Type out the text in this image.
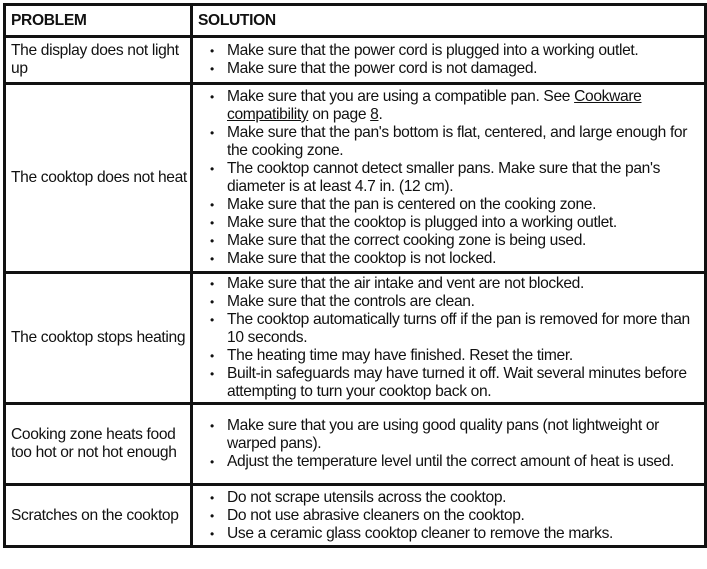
PROBLEM	SOLUTION
The display does not light up	
• Make sure that the power cord is plugged into a working outlet.
• Make sure that the power cord is not damaged.

The cooktop does not heat	
• Make sure that you are using a compatible pan. See Cookware compatibility on page 8.
• Make sure that the pan's bottom is flat, centered, and large enough for the cooking zone.
• The cooktop cannot detect smaller pans. Make sure that the pan's diameter is at least 4.7 in. (12 cm).
• Make sure that the pan is centered on the cooking zone.
• Make sure that the cooktop is plugged into a working outlet.
• Make sure that the correct cooking zone is being used.
• Make sure that the cooktop is not locked.

The cooktop stops heating	
• Make sure that the air intake and vent are not blocked.
• Make sure that the controls are clean.
• The cooktop automatically turns off if the pan is removed for more than 10 seconds.
• The heating time may have finished. Reset the timer.
• Built-in safeguards may have turned it off. Wait several minutes before attempting to turn your cooktop back on.

Cooking zone heats food too hot or not hot enough	
• Make sure that you are using good quality pans (not lightweight or warped pans).
• Adjust the temperature level until the correct amount of heat is used.

Scratches on the cooktop	
• Do not scrape utensils across the cooktop.
• Do not use abrasive cleaners on the cooktop.
• Use a ceramic glass cooktop cleaner to remove the marks.
